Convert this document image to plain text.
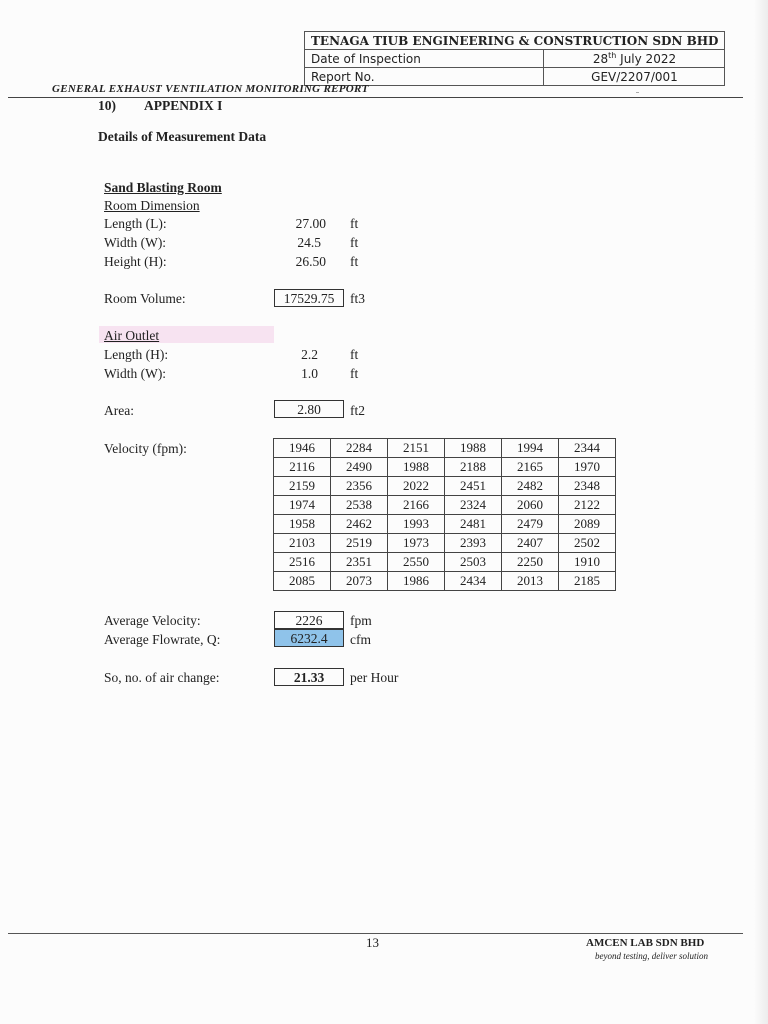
TENAGA TIUB ENGINEERING & CONSTRUCTION SDN BHD	
Date of Inspection	28th July 2022
Report No.	GEV/2207/001
GENERAL EXHAUST VENTILATION MONITORING REPORT
10) APPENDIX I
Details of Measurement Data
Sand Blasting Room
Room Dimension
Length (L):	27.00 ft
Width (W):	24.5 ft
Height (H):	26.50 ft
Room Volume:	17529.75	ft3
Air Outlet
Length (H):	2.2 ft
Width (W):	1.0 ft
Area:	2.80	ft2
Velocity (fpm):	1946	2284	2151	1988	1994	2344
2116	2490	1988	2188	2165	1970
2159	2356	2022	2451	2482	2348
1974	2538	2166	2324	2060	2122
1958	2462	1993	2481	2479	2089
2103	2519	1973	2393	2407	2502
2516	2351	2550	2503	2250	1910
2085	2073	1986	2434	2013	2185
Average Velocity:	2226	fpm
Average Flowrate, Q:	6232.4	cfm
So, no. of air change:	21.33	per Hour
13	AMCEN LAB SDN BHD
beyond testing, deliver solution
